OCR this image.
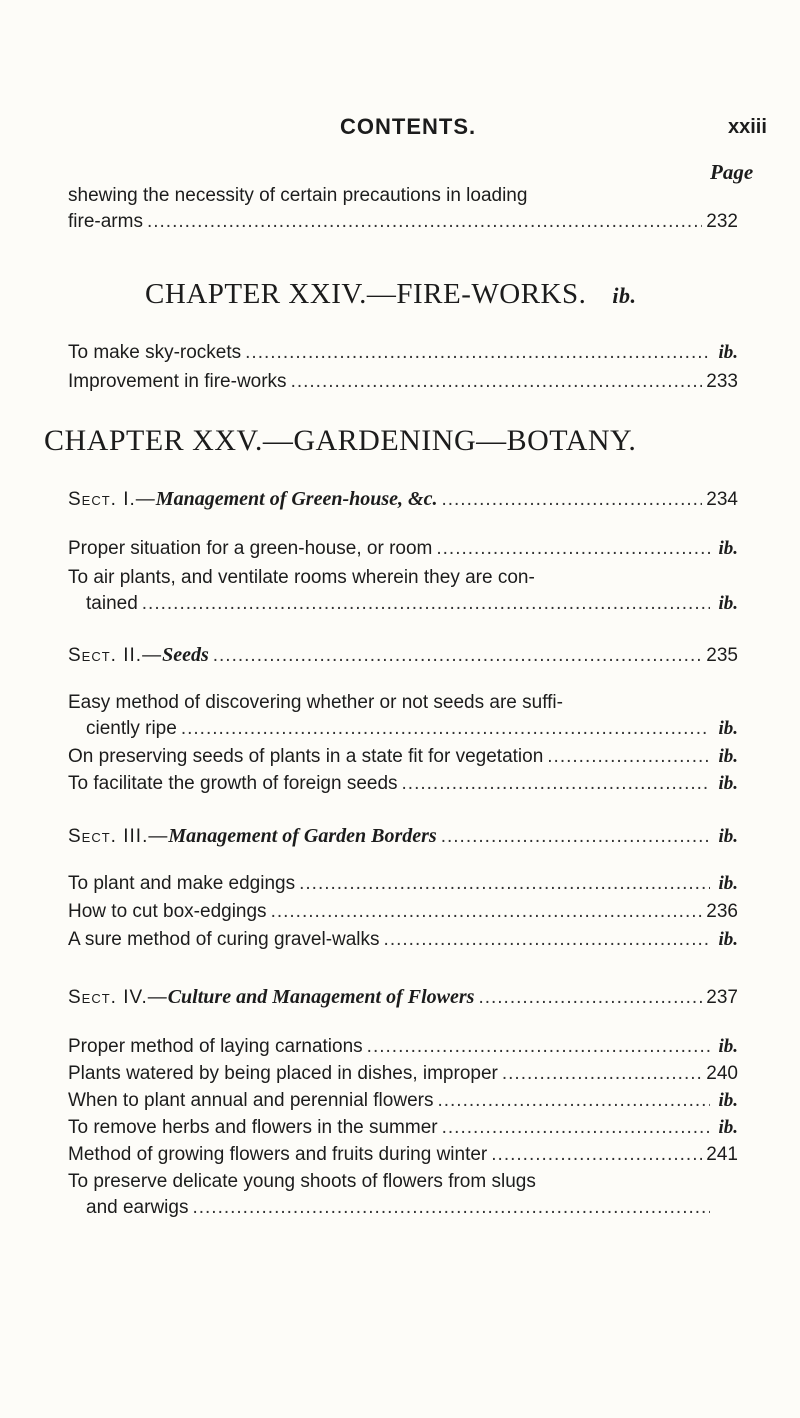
CONTENTS.	xxiii
Page
shewing the necessity of certain precautions in loading
fire-arms .....	232
CHAPTER XXIV.—FIRE-WORKS. ib.
To make sky-rockets .....	ib.
Improvement in fire-works .....	233
CHAPTER XXV.—GARDENING—BOTANY.
Sect. I.—Management of Green-house, &c. .....	234
Proper situation for a green-house, or room .....	ib.
To air plants, and ventilate rooms wherein they are con-
tained .....	ib.
Sect. II.—Seeds .....	235
Easy method of discovering whether or not seeds are suffi-
ciently ripe .....	ib.
On preserving seeds of plants in a state fit for vegetation .....	ib.
To facilitate the growth of foreign seeds .....	ib.
Sect. III.—Management of Garden Borders .....	ib.
To plant and make edgings .....	ib.
How to cut box-edgings .....	236
A sure method of curing gravel-walks .....	ib.
Sect. IV.—Culture and Management of Flowers .....	237
Proper method of laying carnations .....	ib.
Plants watered by being placed in dishes, improper .....	240
When to plant annual and perennial flowers .....	ib.
To remove herbs and flowers in the summer .....	ib.
Method of growing flowers and fruits during winter .....	241
To preserve delicate young shoots of flowers from slugs
and earwigs
.....
